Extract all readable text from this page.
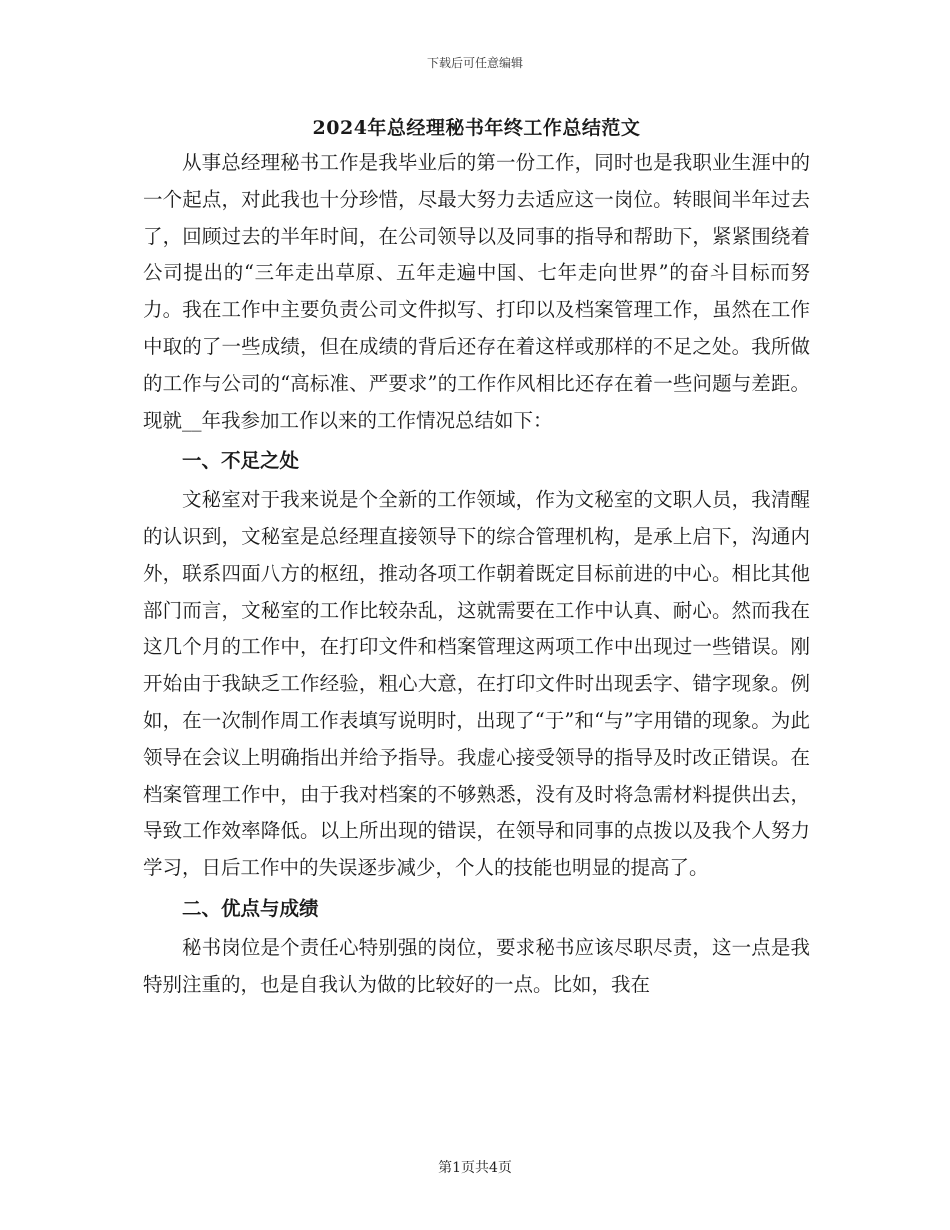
下载后可任意编辑
2024年总经理秘书年终工作总结范文

从事总经理秘书工作是我毕业后的第一份工作，同时也是我职业生涯中的一个起点，对此我也十分珍惜，尽最大努力去适应这一岗位。转眼间半年过去了，回顾过去的半年时间，在公司领导以及同事的指导和帮助下，紧紧围绕着公司提出的“三年走出草原、五年走遍中国、七年走向世界”的奋斗目标而努力。我在工作中主要负责公司文件拟写、打印以及档案管理工作，虽然在工作中取的了一些成绩，但在成绩的背后还存在着这样或那样的不足之处。我所做的工作与公司的“高标准、严要求”的工作作风相比还存在着一些问题与差距。现就__年我参加工作以来的工作情况总结如下：

一、不足之处

文秘室对于我来说是个全新的工作领域，作为文秘室的文职人员，我清醒的认识到，文秘室是总经理直接领导下的综合管理机构，是承上启下，沟通内外，联系四面八方的枢纽，推动各项工作朝着既定目标前进的中心。相比其他部门而言，文秘室的工作比较杂乱，这就需要在工作中认真、耐心。然而我在这几个月的工作中，在打印文件和档案管理这两项工作中出现过一些错误。刚开始由于我缺乏工作经验，粗心大意，在打印文件时出现丢字、错字现象。例如，在一次制作周工作表填写说明时，出现了“于”和“与”字用错的现象。为此领导在会议上明确指出并给予指导。我虚心接受领导的指导及时改正错误。在档案管理工作中，由于我对档案的不够熟悉，没有及时将急需材料提供出去，导致工作效率降低。以上所出现的错误，在领导和同事的点拨以及我个人努力学习，日后工作中的失误逐步减少，个人的技能也明显的提高了。

二、优点与成绩

秘书岗位是个责任心特别强的岗位，要求秘书应该尽职尽责，这一点是我特别注重的，也是自我认为做的比较好的一点。比如，我在

第1页共4页
